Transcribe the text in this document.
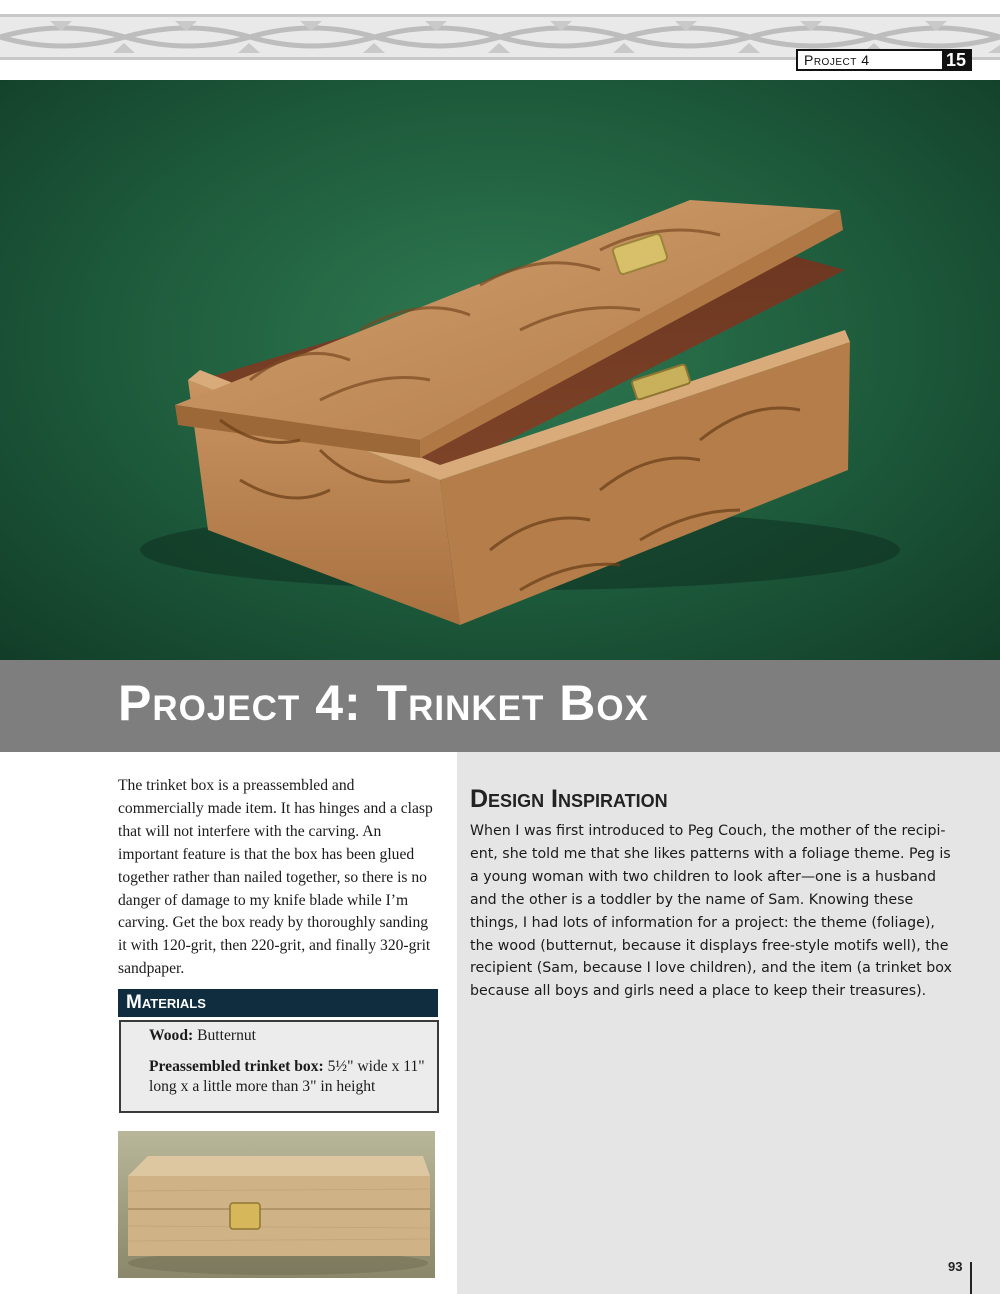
Project 4	15
Project 4: Trinket Box

The trinket box is a preassembled and commercially made item. It has hinges and a clasp that will not interfere with the carving. An important feature is that the box has been glued together rather than nailed together, so there is no danger of damage to my knife blade while I’m carving. Get the box ready by thoroughly sanding it with 120-grit, then 220-grit, and finally 320-grit sandpaper.

Materials

Wood: Butternut

Preassembled trinket box: 5½" wide x 11" long x a little more than 3" in height

Design Inspiration

When I was first introduced to Peg Couch, the mother of the recipi-ent, she told me that she likes patterns with a foliage theme. Peg is a young woman with two children to look after—one is a husband and the other is a toddler by the name of Sam. Knowing these things, I had lots of information for a project: the theme (foliage), the wood (butternut, because it displays free-style motifs well), the recipient (Sam, because I love children), and the item (a trinket box because all boys and girls need a place to keep their treasures).

93
